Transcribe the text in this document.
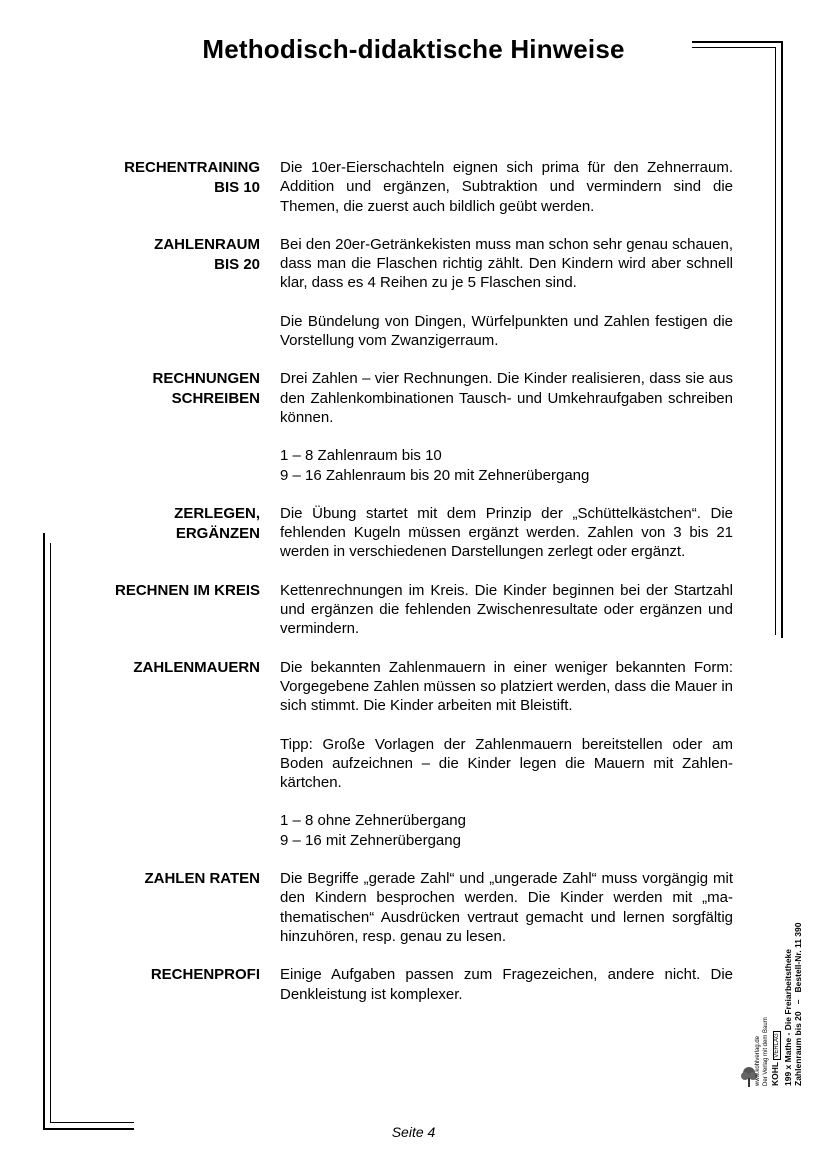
Methodisch-didaktische Hinweise
RECHENTRAINING
BIS 10

Die 10er-Eierschachteln eignen sich prima für den Zehnerraum. Addition und ergänzen, Subtraktion und vermindern sind die Themen, die zuerst auch bildlich geübt werden.

ZAHLENRAUM
BIS 20

Bei den 20er-Getränkekisten muss man schon sehr genau schauen, dass man die Flaschen richtig zählt. Den Kindern wird aber schnell klar, dass es 4 Reihen zu je 5 Flaschen sind.

Die Bündelung von Dingen, Würfelpunkten und Zahlen festigen die Vorstellung vom Zwanzigerraum.

RECHNUNGEN
SCHREIBEN

Drei Zahlen – vier Rechnungen. Die Kinder realisieren, dass sie aus den Zahlenkombinationen Tausch- und Umkehraufgaben schreiben können.

1 – 8 Zahlenraum bis 10
9 – 16 Zahlenraum bis 20 mit Zehnerübergang

ZERLEGEN,
ERGÄNZEN

Die Übung startet mit dem Prinzip der „Schüttelkästchen“. Die fehlenden Kugeln müssen ergänzt werden. Zahlen von 3 bis 21 werden in verschiedenen Darstellungen zerlegt oder ergänzt.

RECHNEN IM KREIS Kettenrechnungen im Kreis. Die Kinder beginnen bei der Startzahl und ergänzen die fehlenden Zwischenresultate oder ergänzen und vermindern.

ZAHLENMAUERN Die bekannten Zahlenmauern in einer weniger bekannten Form: Vorgegebene Zahlen müssen so platziert werden, dass die Mauer in sich stimmt. Die Kinder arbeiten mit Bleistift.

Tipp: Große Vorlagen der Zahlenmauern bereitstellen oder am Boden aufzeichnen – die Kinder legen die Mauern mit Zahlenkärtchen.

1 – 8 ohne Zehnerübergang
9 – 16 mit Zehnerübergang

ZAHLEN RATEN Die Begriffe „gerade Zahl“ und „ungerade Zahl“ muss vorgängig mit den Kindern besprochen werden. Die Kinder werden mit „mathematischen“ Ausdrücken vertraut gemacht und lernen sorgfältig hinzuhören, resp. genau zu lesen.

RECHENPROFI Einige Aufgaben passen zum Fragezeichen, andere nicht. Die Denkleistung ist komplexer.

Seite 4
www.kohlverlag.de Der Verlag mit dem Baum KOHL VERLAG 199 x Mathe - Die Freiarbeitstheke Zahlenraum bis 20   –   Bestell-Nr. 11 390
